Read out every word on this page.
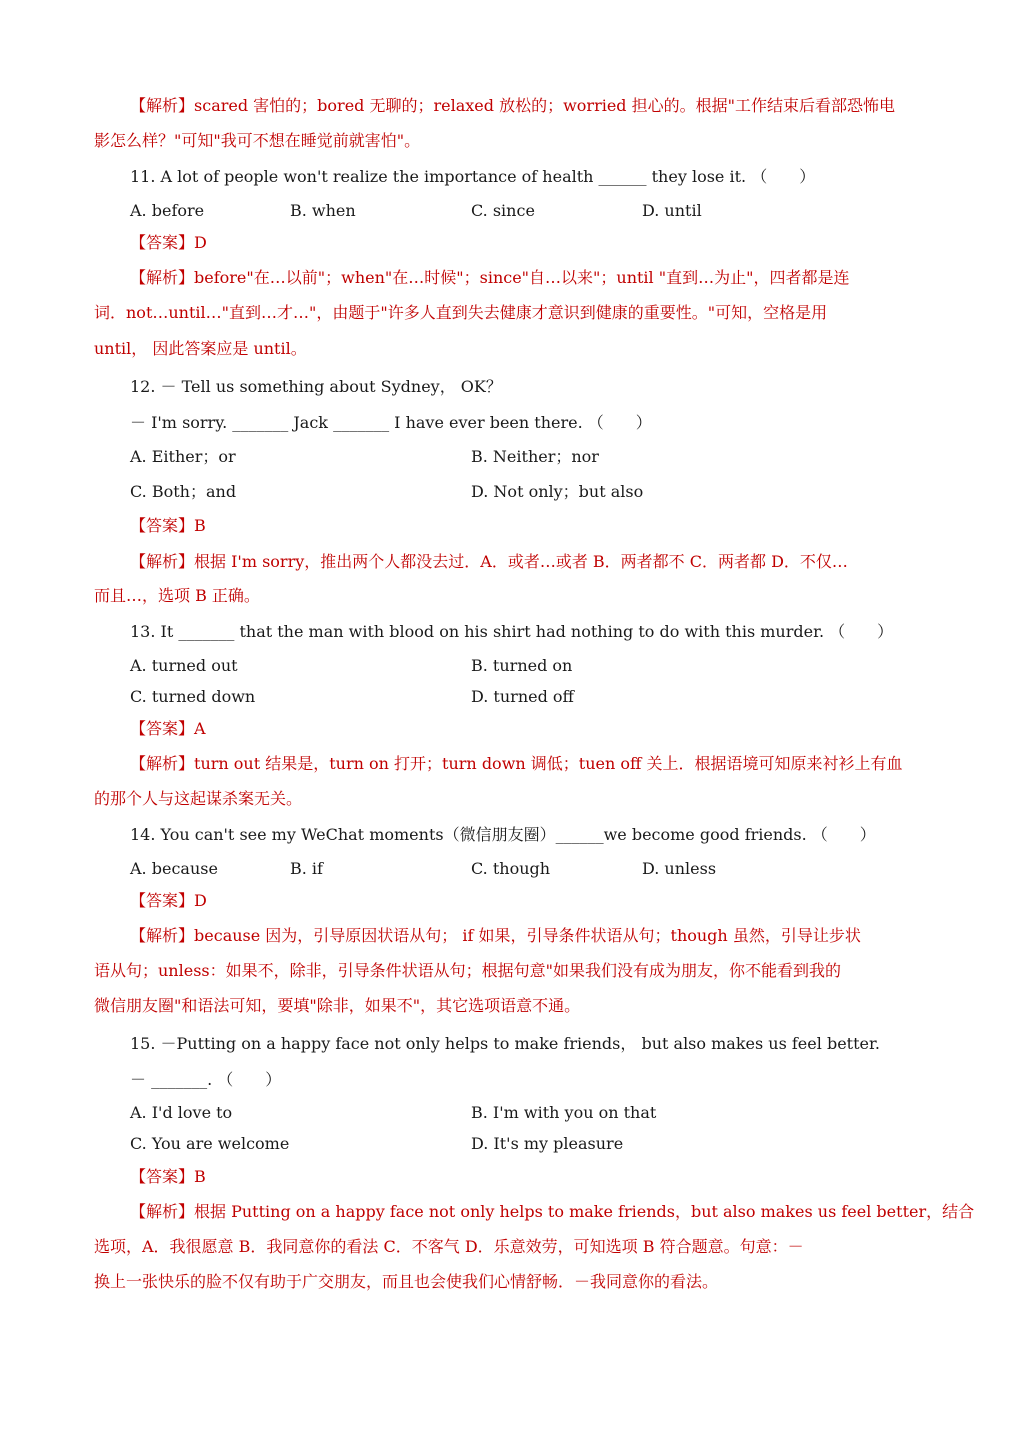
【解析】scared 害怕的；bored 无聊的；relaxed 放松的；worried 担心的。根据"工作结束后看部恐怖电
影怎么样？"可知"我可不想在睡觉前就害怕"。
11. A lot of people won't realize the importance of health ______ they lose it. （　　）
A. before	B. when	C. since	D. until
【答案】D
【解析】before"在…以前"；when"在…时候"；since"自…以来"；until "直到…为止"，四者都是连
词．not…until…"直到…才…"，由题于"许多人直到失去健康才意识到健康的重要性。"可知，空格是用
until， 因此答案应是 until。
12. － Tell us something about Sydney， OK？
－ I'm sorry. _______ Jack _______ I have ever been there. （　　）
A. Either；or	B. Neither；nor
C. Both；and	D. Not only；but also
【答案】B
【解析】根据 I'm sorry，推出两个人都没去过．A．或者…或者 B．两者都不 C．两者都 D．不仅…
而且…，选项 B 正确。
13. It _______ that the man with blood on his shirt had nothing to do with this murder. （　　）
A. turned out	B. turned on
C. turned down	D. turned off
【答案】A
【解析】turn out 结果是，turn on 打开；turn down 调低；tuen off 关上．根据语境可知原来衬衫上有血
的那个人与这起谋杀案无关。
14. You can't see my WeChat moments（微信朋友圈）______we become good friends. （　　）
A. because	B. if	C. though	D. unless
【答案】D
【解析】because 因为，引导原因状语从句； if 如果，引导条件状语从句；though 虽然，引导让步状
语从句；unless：如果不，除非，引导条件状语从句；根据句意"如果我们没有成为朋友，你不能看到我的
微信朋友圈"和语法可知，要填"除非，如果不"，其它选项语意不通。
15. －Putting on a happy face not only helps to make friends， but also makes us feel better.
－ _______. （　　）
A. I'd love to	B. I'm with you on that
C. You are welcome	D. It's my pleasure
【答案】B
【解析】根据 Putting on a happy face not only helps to make friends，but also makes us feel better，结合
选项，A．我很愿意 B．我同意你的看法 C．不客气 D．乐意效劳，可知选项 B 符合题意。句意：－
换上一张快乐的脸不仅有助于广交朋友，而且也会使我们心情舒畅．－我同意你的看法。
